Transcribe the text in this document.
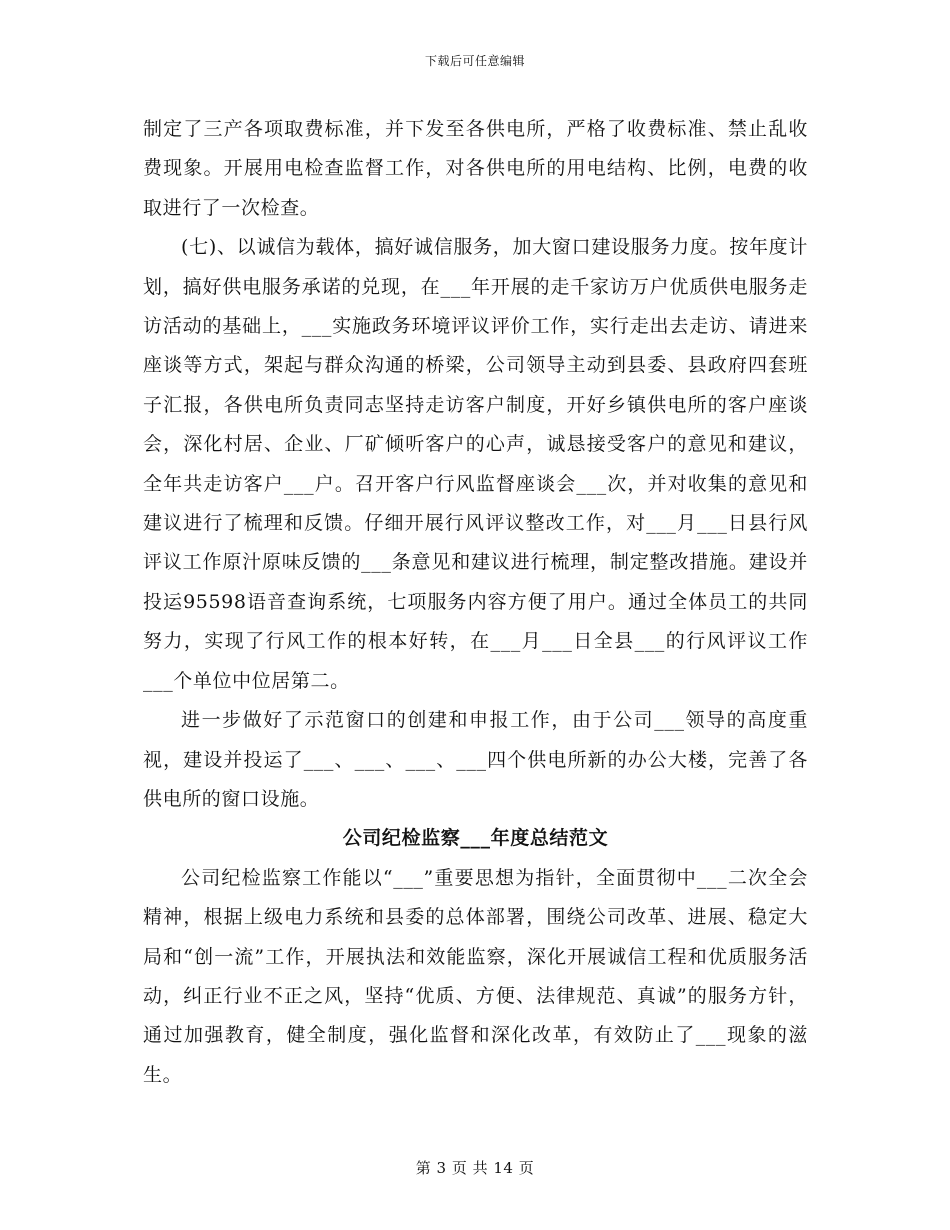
下载后可任意编辑

制定了三产各项取费标准，并下发至各供电所，严格了收费标准、禁止乱收费现象。开展用电检查监督工作，对各供电所的用电结构、比例，电费的收取进行了一次检查。

(七)、以诚信为载体，搞好诚信服务，加大窗口建设服务力度。按年度计划，搞好供电服务承诺的兑现，在___年开展的走千家访万户优质供电服务走访活动的基础上，___实施政务环境评议评价工作，实行走出去走访、请进来座谈等方式，架起与群众沟通的桥梁，公司领导主动到县委、县政府四套班子汇报，各供电所负责同志坚持走访客户制度，开好乡镇供电所的客户座谈会，深化村居、企业、厂矿倾听客户的心声，诚恳接受客户的意见和建议，全年共走访客户___户。召开客户行风监督座谈会___次，并对收集的意见和建议进行了梳理和反馈。仔细开展行风评议整改工作，对___月___日县行风评议工作原汁原味反馈的___条意见和建议进行梳理，制定整改措施。建设并投运95598语音查询系统，七项服务内容方便了用户。通过全体员工的共同努力，实现了行风工作的根本好转，在___月___日全县___的行风评议工作___个单位中位居第二。

进一步做好了示范窗口的创建和申报工作，由于公司___领导的高度重视，建设并投运了___、___、___、___四个供电所新的办公大楼，完善了各供电所的窗口设施。

公司纪检监察___年度总结范文

公司纪检监察工作能以“___”重要思想为指针，全面贯彻中___二次全会精神，根据上级电力系统和县委的总体部署，围绕公司改革、进展、稳定大局和“创一流”工作，开展执法和效能监察，深化开展诚信工程和优质服务活动，纠正行业不正之风，坚持“优质、方便、法律规范、真诚”的服务方针，通过加强教育，健全制度，强化监督和深化改革，有效防止了___现象的滋生。

第 3 页 共 14 页
